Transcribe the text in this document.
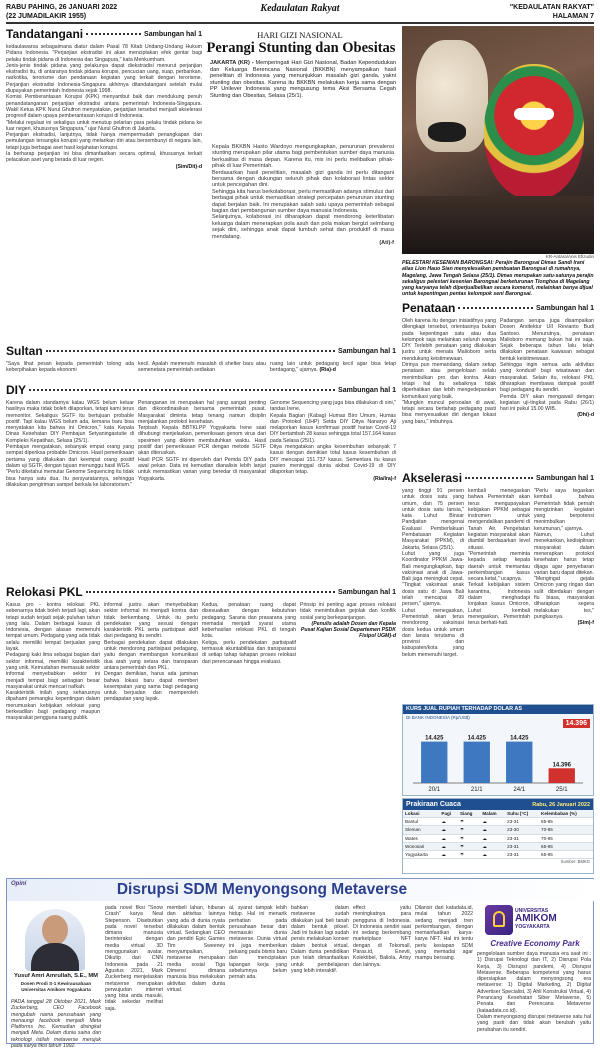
RABU PAHING, 26 JANUARI 2022
(22 JUMADILAKIR 1955)
Kedaulatan Rakyat	"KEDAULATAN RAKYAT"
HALAMAN 7
Tandatangani	Sambungan hal 1

kedaulawarsa sebagaimana diatur dalam Pasal 78 Kitab Undang-Undang Hukum Pidana Indonesia. "Perjanjian ekstradisi ini akan menciptakan efek gentar bagi pelaku tindak pidana di Indonesia dan Singapura," kata Menkumham.

Jenis-jenis tindak pidana yang pelakunya dapat diekstradisi menurut perjanjian ekstradisi itu, di antaranya tindak pidana korupsi, pencucian uang, suap, perbankan, narkotika, terorisme dan pendanaan kegiatan yang terkait dengan terorisme. Perjanjian ekstradisi Indonesia-Singapura akhirnya ditandatangani setelah mulai diupayakan pemerintah Indonesia sejak 1998.

Komisi Pemberantasan Korupsi (KPK) menyambut baik dan mendukung penuh penandatanganan perjanjian ekstradisi antara pemerintah Indonesia-Singapura. Wakil Ketua KPK Nurul Ghufron menyatakan, perjanjian tersebut menjadi akselerasi progresif dalam upaya pemberantasan korupsi di Indonesia.

"Melalui regulasi ini sekaligus untuk menutup pelarian para pelaku tindak pidana ke luar negeri, khususnya Singapura," ujar Nurul Ghufron di Jakarta.

Perjanjian ekstradisi, lanjutnya, tidak hanya mempermudah penangkapan dan pemulangan tersangka korupsi yang melarikan diri atau bersembunyi di negara lain, tetapi juga berbagai aset hasil kejahatan korupsi.

Ia berharap perjanjian ini bisa dimanfaatkan secara optimal, khususnya terkait pelacakan aset yang berada di luar negeri.

(Sim/Dit)-d

HARI GIZI NASIONAL
Perangi Stunting dan Obesitas
JAKARTA (KR) - Memperingati Hari Gizi Nasional, Badan Kependudukan dan Keluarga Berencana Nasional (BKKBN) menyampaikan hasil penelitian di Indonesia yang menunjukkan masalah gizi ganda, yakni stunting dan obesitas. Karena itu BKKBN melakukan kerja sama dengan PP Unilever Indonesia yang mengusung tema Aksi Bersama Cegah Stunting dan Obesitas, Selasa (25/1).

Kepala BKKBN Hasto Wardoyo mengungkapkan, penurunan prevalensi stunting merupakan pilar utama bagi pembentukan sumber daya manusia berkualitas di masa depan. Karena itu, mis ini perlu melibatkan pihak-pihak di luar Pemerintah.

Berdasarkan hasil penelitian, masalah gizi ganda ini perlu ditangani bersama dengan dukungan seluruh pihak dan kolaborasi lintas sektor untuk pencegahan dini.

Sehingga kita harus berkolaborasi, perlu memastikan adanya stimulus dari berbagai pihak untuk memastikan strategi percepatan penurunan stunting dapat berjalan baik. Ini merupakan salah satu upaya pemerintah sebagai bagian dari pembangunan sumber daya manusia Indonesia.

Selanjutnya, kolaborasi ini diharapkan dapat mendorong keterlibatan keluarga dalam menerapkan pola asuh dan pola makan bergizi seimbang sejak dini, sehingga anak dapat tumbuh sehat dan produktif di masa mendatang.

(Ati)-f

KR-Antara/Anis Efizudin
PELESTARI KESENIAN BARONGSAI: Perajin Barongsai Dimas Sandi Irani alias Lion Hauo Sian menyelesaikan pembuatan Barongsai di rumahnya, Magelang, Jawa Tengah Selasa (25/1). Dimas merupakan satu-satunya perajin sekaligus pelestari kesenian Barongsai berketurunan Tionghoa di Magelang yang karyanya telah diperjualbelikan secara komersil, melainkan banya dijual untuk kepentingan pentas kelompok seni Barongsai.
Sultan	Sambungan hal 1
"Saya lihat pesan kepada pemerintah tolong ada keberpihakan kepada ekonomi
kecil. Apalah memenuhi masalah di shelter baru atau semenetara pemerintah sediakan
ruang lain untuk pedagang kecil agar bisa tetap berdagang," ujarnya. (Ria)-d
DIY	Sambungan hal 1

Karena dalam standarnya kalau WGS belum keluar hasilnya maka tidak boleh dilaporkan, tetapi kami terus memonitor. Sekaligus SGTF itu bertujuan probable positif. Tapi kalau WGS belum ada, kemana baru bisa menyatakan kita bahwa ini Omicron," kata Kepala Dinas Kesehatan DIY Pembajun Setyaningastutie di Kompleks Kepatihan, Selasa (25/1).

Pembajun mengatakan, sebanyak empat orang yang sempat diperiksa probable Omicron. Hasil pemeriksaan pertama yang dilakukan dari keempat orang positif dalam uji SGTF, dengan tujuan menunggu hasil WGS.

"Perlu diketahui memutar Genome Sequencing itu tidak bisa hanya satu dua. Itu persyaratannya, sehingga dilakukan pengiriman sampel berkala ke laboratorium."

Penanganan ini merupakan hal yang sangat penting dan dikoordinasikan bersama pemerintah pusat. Masyarakat diminta tetap tenang namun disiplin menjalankan protokol kesehatan.

Terpisah Kepala BBTKLPP Yogyakarta Irene saat dihubungi menjelaskan, pemeriksaan genom virus dari spesimen yang dikirim membutuhkan waktu. Hasil positif dari pemeriksaan PCR dengan metode SGTF akan diteruskan.

Hasil PCR SGTF ini diperoleh dari Pemda DIY pada awal pekan. Data ini kemudian dianalisis lebih lanjut untuk memastikan varian yang beredar di masyarakat Yogyakarta.

Genome Sequencing yang juga bisa dilakukan di sini," tandas Irene.

Kepala Bagian (Kabag) Humas Biro Umum, Humas dan Protokol (UHP) Setda DIY Ditya Nanaryo Aji melaporkan kasus konfirmasi positif harian Covid-19 DIY bertambah 28 kasus sehingga total 157.164 kasus pada Selasa (25/1).

Ditya mengatakan angka kesembuhan sebanyak 7 kasus dengan demikian total kasus kesembuhan di DIY mencapai 151.737 kasus. Sementara itu kasus pasien meninggal dunia akibat Covid-19 di DIY dilaporkan tetap.

(Ria/Ira)-f

Relokasi PKL	Sambungan hal 1

Kasus pro - kontra relokasi PKL sebenarnya tidak boleh terjadi lagi, akan tetapi sudah terjadi sejak puluhan tahun yang lalu. Dalam berbagai kasus di Indonesia, dengan alasan memenuhi tempat umum. Pedagang yang ada tidak selalu memiliki tempat berjualan yang layak.

Pedagang kaki lima sebagai bagian dari sektor informal, memiliki karakteristik yang unik. Kemudahan memasuki sektor informal menyebabkan sektor ini menjadi tempat bagi sebagian besar masyarakat untuk mencari nafkah.

Karakteristik inilah yang seharusnya dipahami pemangku kepentingan dalam merumuskan kebijakan relokasi yang berkeadilan bagi pedagang maupun masyarakat pengguna ruang publik.

informal justru akan menyebabkan sektor informal ini menjadi kontra dan tidak berkembang. Untuk itu perlu pendekatan yang sesuai dengan karakteristik PKL serta partisipasi aktif dari pedagang itu sendiri.

Berbagai pendekatan dapat dilakukan untuk mendorong partisipasi pedagang, yaitu dengan membangun komunikasi dua arah yang setara dan transparan antara pemerintah dan PKL.

Dengan demikian, harus ada jaminan bahwa lokasi baru dapat memberi kesempatan yang sama bagi pedagang untuk berjualan dan memperoleh pendapatan yang layak.

Kedua, penataan ruang dapat disesuaikan dengan kebutuhan pedagang. Sarana dan prasarana yang memadai menjadi syarat utama keberhasilan relokasi PKL di tengah kota.

Ketiga, perlu pendekatan partisipatif termasuk akuntabilitas dan transparansi di setiap tahap tahapan proses relokasi dari perencanaan hingga evaluasi.

Prinsip ini penting agar proses relokasi tidak menimbulkan gejolak dan konflik sosial yang berkepanjangan.

(Penulis adalah Dosen dan Kepala Pusat Kajian Sosial Departemen PSDK Fisipol UGM)-d

Penataan	Sambungan hal 1

Oleh karena itu dengan inisiatifnya yang dilengkapi tersebut, orientasinya bukan pada kepentingan satu atau dua kelompok saja melainkan seluruh warga DIY. Terlebih penataan yang dilakukan justru untuk menata Malioboro serta mendukung keistimewaan.

Dirinya pun memandang, dalam setiap penataan atau pengelolaan selalu menimbulkan pro dan kontra. Akan tetapi hal itu sebaiknya tidak diperhatikan dan lebih mengedepankan komunikasi yang baik.

"Mungkin muncul persoalan di awal, tetapi secara bertahap pedagang pasti bisa menyesuaikan diri dengan lokasi yang baru," imbuhnya.

Padangan serupa juga disampaikan Dosen Arsitektur UII Revianto Budi Santoso. Menurutnya, penataan Malioboro memang bukan hal ini saja. Sejak beberapa tahun lalu telah dilakukan penataan kawasan sebagai bentuk keistimewaan.

Sehingga ingin semua ada aktivitas yang kondusif bagi wisatawan dan masyarakat. Selain itu, relokasi PKL diharapkan membawa dampak positif bagi pedagang itu sendiri.

Pemda DIY akan mengawali dengan kegiatan uji-tingkat pada Rabu (26/1) hari ini pukul 15.00 WIB.

(Dhi)-d

Akselerasi	Sambungan hal 1

yang tinggi 91 persen untuk dosis satu yang umum, dan 75 persen untuk dosis satu lansia," kata Luhut Binsar Pandjaitan mengenai Evaluasi Pemberlakuan Pembatasan Kegiatan Masyarakat (PPKM), di Jakarta, Selasa (25/1).

Luhut yang juga Koordinator PPKM Jawa-Bali mengungkapkan, tiap vaksinasi anak di Jawa-Bali juga meningkat cepat. "Tingkat vaksinasi anak dosis satu di Jawa Bali telah mencapai 89 persen," ujarnya.

Luhut menegaskan, Pemerintah akan terus mendorong vaksinasi dosis kedua untuk umum dan lansia terutama di provinsi dan kabupaten/kota yang belum memenuhi target.

kembali menegaskan bahwa Pemerintah akan terus mengupayakan kebijakan PPKM sebagai instrumen untuk mengendalikan pandemi di Tanah Air. Pengetatan kegiatan masyarakat akan diambil berdasarkan level situasi.

"Pemerintah meminta kepada setiap kepala daerah untuk memantau perkembangan kasus secara ketat," ucapnya.

Terkait kebijakan sistem karantina, Indonesia dalam menghadapi lonjakan kasus Omicron, Luhut kembali menegaskan, Pemerintah terus berhati-hati.

"Perlu saya tegaskan kembali bahwa Pemerintah tidak pernah mengizinkan kegiatan yang berpotensi menimbulkan kerumunan," ujarnya.

Namun, Luhut menekankan, kedisiplinan masyarakat dalam menerapkan protokol kesehatan harus tetap dijaga agar penyebaran varian baru dapat ditekan.

"Mengingat gejala Omicron yang ringan dan sulit dibedakan dengan flu biasa, masyarakat diharapkan segera melakukan tes," pungkasnya.

(Sim)-f

KURS JUAL RUPIAH TERHADAP DOLAR AS
DI BANK INDONESIA (Rp/US$)
14.396
14.425
20/1
14.425
21/1
14.425
24/1
14.396
25/1
Prakiraan Cuaca	Rabu, 26 Januari 2022
Lokasi	Pagi	Siang	Malam	Suhu (°C)	Kelembaban (%)
Bantul	☁	☂	☁	23-31	65-95
Sleman	☁	☂	☁	23-30	70-95
Wates	☁	☂	☁	23-31	70-95
Wonosari	☁	☂	☁	23-31	65-95
Yogyakarta	☁	☂	☁	23-31	65-95
Sumber: BMKG
Opini	Disrupsi SDM Menyongsong Metaverse
Yusuf Amri Amrullah, S.E., MM
Dosen Prodi S-1 Kewirausahaan Universitas Amikom Yogyakarta
PADA tanggal 28 Oktober 2021, Mark Zuckerberg, CEO Facebook mengubah nama perusahaan yang menaungi facebook menjadi Meta Platforms Inc. Kemudian disingkat menjadi Meta. Dalam dunia saina dan teknologi istilah metaverse merujuk pada karya fiksi tahun 1992.
pada novel fiksi "Snow Crash" karya Neal Stepenson. Disebutkan pada novel tersebut dimana manusia berinteraksi dengan media virtual 3D menggunakan avatar. Dikutip dari CNN Indonesia pada 21 Agustus 2021, Mark Zuckerberg menjelaskan metaverse merupakan perwujudan internet yang bisa anda masuki, tidak sekedar melihat saja.
membeli lahan, hiburan dan aktivitas lainnya yang ada di dunia nyata dilakukan dalam bentuk virtual. Sedangkan CEO dan pendiri Epic Games Tim Sweeney menyampaikan, metaverse merupakan media sosial Tiga Dimensi dimana manusia bisa melakukan aktivitas dalam dunia virtual.
al, syarat tampak lebih hidup. Hal ini menarik perhatian pada perusahaan besar dan memasuki dunia metaverse. Dunia virtual ini juga memberikan peluang pada bisnis baru dan menciptakan lapangan kerja yang sebelumnya belum pernah ada.
bahkan dalam metaverse sudah dilakukan jual beli tanah dalam bentuk piksel. Jadi ini bukan lagi sudah persis melakukan konser dalam bentuk virtual. Dalam dunia pendidikan pun telah dimanfaatkan untuk pembelajaran yang lebih interaktif.
effect yaitu meningkatnya para pengguna di Indonesia. Di Indonesia sendiri saat ini sedang berkembang marketplace NFT dengan di Tokomall, Paras.id, Enevti, Kolektibel, Baliola, Artsy dan lainnya.
Dilansir dari katadata.id, mulai tahun 2022 sedang menjadi tren perkembangan, dengan memanfaatkan karya-karya NFT. Hal ini tentu perlu kesiapan SDM yang memadai agar mampu bersaing.
UNIVERSITAS
AMIKOM
YOGYAKARTA
Creative Economy Park

pengelolaan sumber daya manusia era saat ini : 1) Disrupsi Teknologi dan IT, 2) Disrupsi Pola Kerja, 3) Disrupsi pandemi, 4) Disrupsi Metaverse. Beberapa kompetensi yang harus dipersiapkan dalam menyongsong era metaverse: 1) Digital Marketing, 2) Digital Advertiser Specialist, 3) Ahli Konstruksi Virtual, 4) Perancang Kesehatan Siber Metaverse, 5) Penata dan Perencana Metaverse (kataadata.co.id).

Dalam menyongsong disrupsi metaverse satu hal yang pasti dan tidak akan berubah yaitu perubahan itu sendiri.
